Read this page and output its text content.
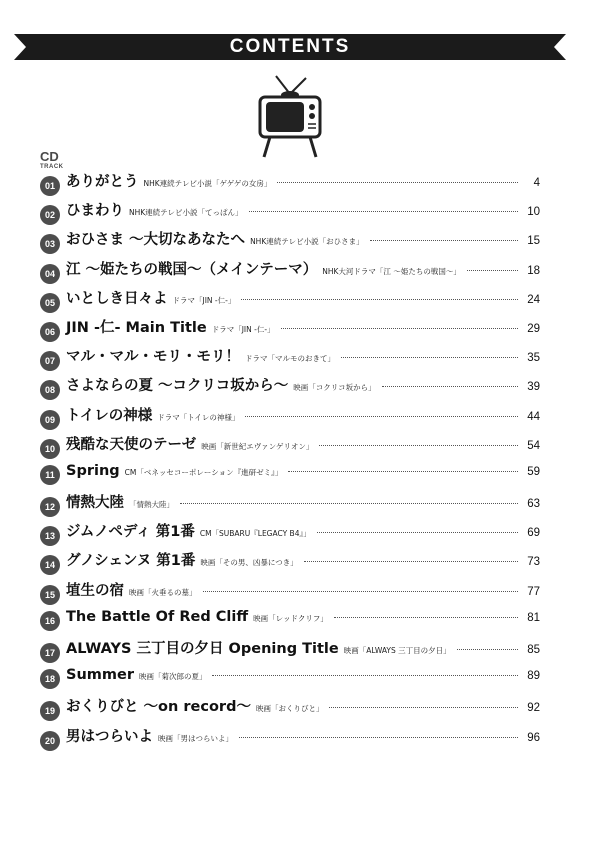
CONTENTS
CD
TRACK
01 ありがとう NHK連続テレビ小説「ゲゲゲの女房」	4
02 ひまわり NHK連続テレビ小説「てっぱん」	10
03 おひさま 〜大切なあなたへ NHK連続テレビ小説「おひさま」	15
04 江 〜姫たちの戦国〜（メインテーマ） NHK大河ドラマ「江 〜姫たちの戦国〜」	18
05 いとしき日々よ ドラマ「JIN -仁-」	24
06 JIN -仁- Main Title ドラマ「JIN -仁-」	29
07 マル・マル・モリ・モリ！ ドラマ「マルモのおきて」	35
08 さよならの夏 〜コクリコ坂から〜 映画「コクリコ坂から」	39
09 トイレの神様 ドラマ「トイレの神様」	44
10 残酷な天使のテーゼ 映画「新世紀エヴァンゲリオン」	54
11 Spring CM「ベネッセコーポレーション『進研ゼミ』」	59
12 情熱大陸 「情熱大陸」	63
13 ジムノペディ 第1番 CM「SUBARU『LEGACY B4』」	69
14 グノシェンヌ 第1番 映画「その男、凶暴につき」	73
15 埴生の宿 映画「火垂るの墓」	77
16 The Battle Of Red Cliff 映画「レッドクリフ」	81
17 ALWAYS 三丁目の夕日 Opening Title 映画「ALWAYS 三丁目の夕日」	85
18 Summer 映画「菊次郎の夏」	89
19 おくりびと 〜on record〜 映画「おくりびと」	92
20 男はつらいよ 映画「男はつらいよ」	96
